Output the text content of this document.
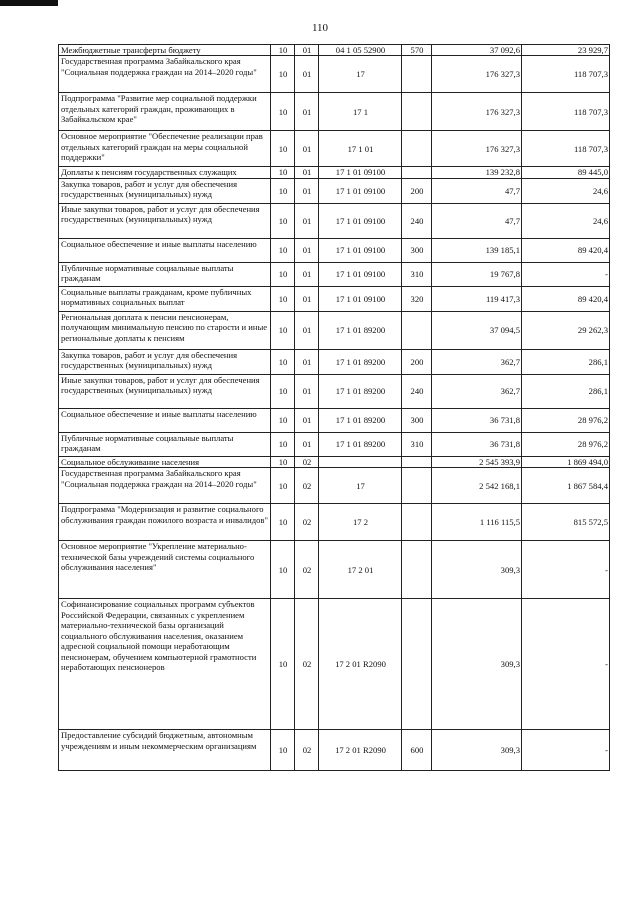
110
Межбюджетные трансферты бюджету	10	01	04 1 05 52900	570	37 092,6	23 929,7
Государственная программа Забайкальского края "Социальная поддержка граждан на 2014–2020 годы"	10	01	17		176 327,3	118 707,3
Подпрограмма "Развитие мер социальной поддержки отдельных категорий граждан, проживающих в Забайкальском крае"	10	01	17 1		176 327,3	118 707,3
Основное мероприятие "Обеспечение реализации прав отдельных категорий граждан на меры социальной поддержки"	10	01	17 1 01		176 327,3	118 707,3
Доплаты к пенсиям государственных служащих	10	01	17 1 01 09100		139 232,8	89 445,0
Закупка товаров, работ и услуг для обеспечения государственных (муниципальных) нужд	10	01	17 1 01 09100	200	47,7	24,6
Иные закупки товаров, работ и услуг для обеспечения государственных (муниципальных) нужд	10	01	17 1 01 09100	240	47,7	24,6
Социальное обеспечение и иные выплаты населению	10	01	17 1 01 09100	300	139 185,1	89 420,4
Публичные нормативные социальные выплаты гражданам	10	01	17 1 01 09100	310	19 767,8	-
Социальные выплаты гражданам, кроме публичных нормативных социальных выплат	10	01	17 1 01 09100	320	119 417,3	89 420,4
Региональная доплата к пенсии пенсионерам, получающим минимальную пенсию по старости и иные региональные доплаты к пенсиям	10	01	17 1 01 89200		37 094,5	29 262,3
Закупка товаров, работ и услуг для обеспечения государственных (муниципальных) нужд	10	01	17 1 01 89200	200	362,7	286,1
Иные закупки товаров, работ и услуг для обеспечения государственных (муниципальных) нужд	10	01	17 1 01 89200	240	362,7	286,1
Социальное обеспечение и иные выплаты населению	10	01	17 1 01 89200	300	36 731,8	28 976,2
Публичные нормативные социальные выплаты гражданам	10	01	17 1 01 89200	310	36 731,8	28 976,2
Социальное обслуживание населения	10	02			2 545 393,9	1 869 494,0
Государственная программа Забайкальского края "Социальная поддержка граждан на 2014–2020 годы"	10	02	17		2 542 168,1	1 867 584,4
Подпрограмма "Модернизация и развитие социального обслуживания граждан пожилого возраста и инвалидов"	10	02	17 2		1 116 115,5	815 572,5
Основное мероприятие "Укрепление материально-технической базы учреждений системы социального обслуживания населения"	10	02	17 2 01		309,3	-
Софинансирование социальных программ субъектов Российской Федерации, связанных с укреплением материально-технической базы организаций социального обслуживания населения, оказанием адресной социальной помощи неработающим пенсионерам, обучением компьютерной грамотности неработающих пенсионеров	10	02	17 2 01 R2090		309,3	-
Предоставление субсидий бюджетным, автономным учреждениям и иным некоммерческим организациям	10	02	17 2 01 R2090	600	309,3	-
